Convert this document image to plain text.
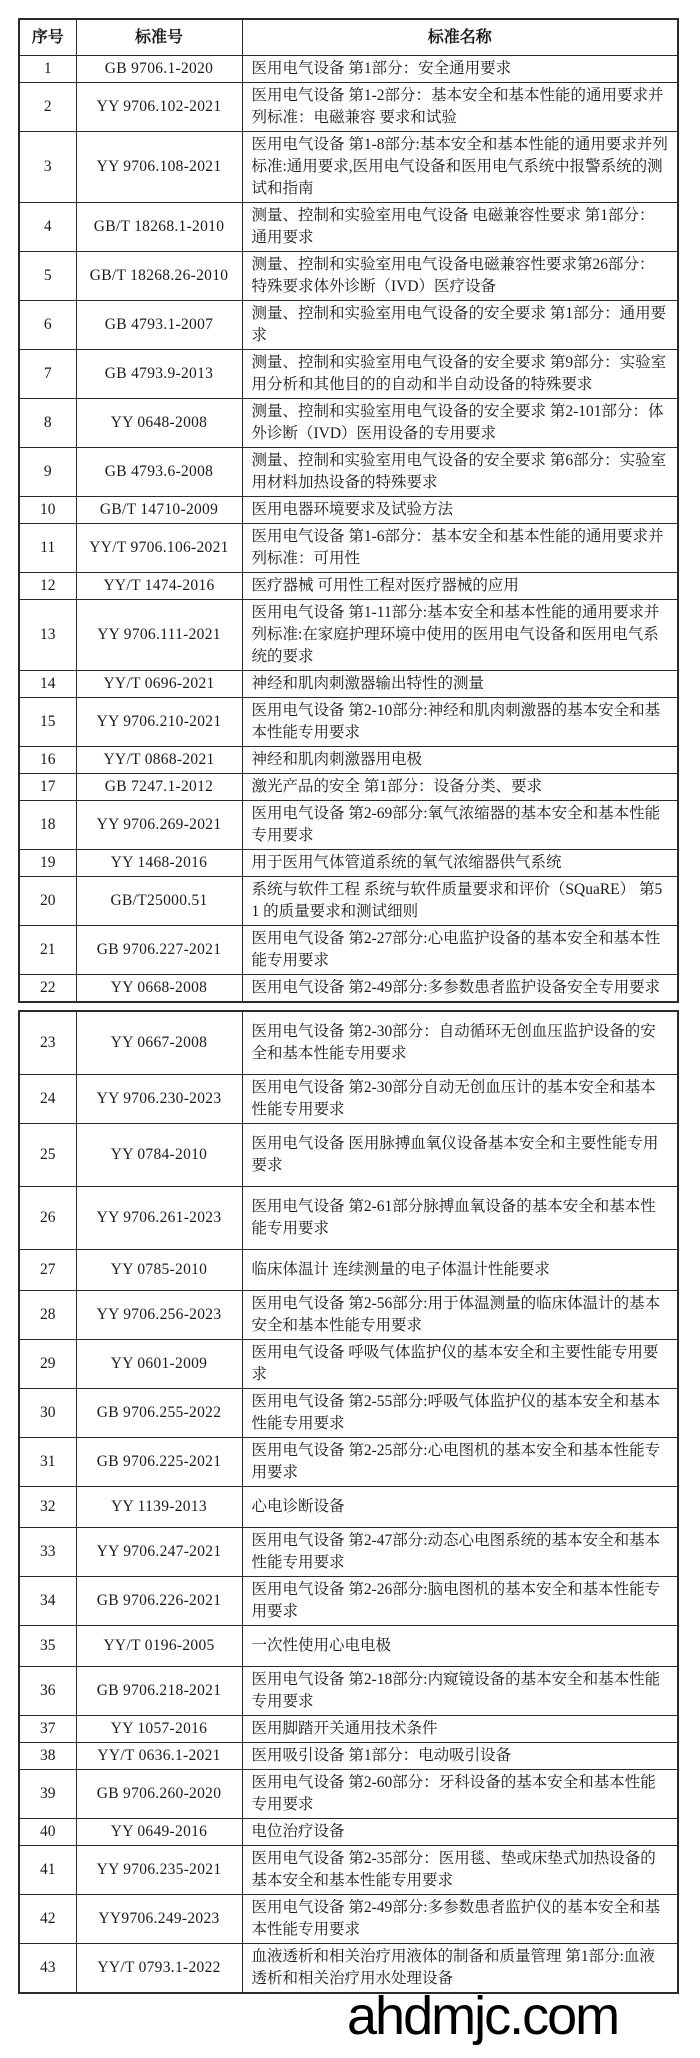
序号	标准号	标准名称
1	GB 9706.1-2020	医用电气设备 第1部分：安全通用要求
2	YY 9706.102-2021	医用电气设备 第1-2部分：基本安全和基本性能的通用要求并列标准：电磁兼容 要求和试验
3	YY 9706.108-2021	医用电气设备 第1-8部分:基本安全和基本性能的通用要求并列标准:通用要求,医用电气设备和医用电气系统中报警系统的测试和指南
4	GB/T 18268.1-2010	测量、控制和实验室用电气设备 电磁兼容性要求 第1部分：通用要求
5	GB/T 18268.26-2010	测量、控制和实验室用电气设备电磁兼容性要求第26部分：特殊要求体外诊断（IVD）医疗设备
6	GB 4793.1-2007	测量、控制和实验室用电气设备的安全要求 第1部分：通用要求
7	GB 4793.9-2013	测量、控制和实验室用电气设备的安全要求 第9部分：实验室用分析和其他目的的自动和半自动设备的特殊要求
8	YY 0648-2008	测量、控制和实验室用电气设备的安全要求 第2-101部分：体外诊断（IVD）医用设备的专用要求
9	GB 4793.6-2008	测量、控制和实验室用电气设备的安全要求 第6部分：实验室用材料加热设备的特殊要求
10	GB/T 14710-2009	医用电器环境要求及试验方法
11	YY/T 9706.106-2021	医用电气设备 第1-6部分：基本安全和基本性能的通用要求并列标准：可用性
12	YY/T 1474-2016	医疗器械 可用性工程对医疗器械的应用
13	YY 9706.111-2021	医用电气设备 第1-11部分:基本安全和基本性能的通用要求并列标准:在家庭护理环境中使用的医用电气设备和医用电气系统的要求
14	YY/T 0696-2021	神经和肌肉刺激器输出特性的测量
15	YY 9706.210-2021	医用电气设备 第2-10部分:神经和肌肉刺激器的基本安全和基本性能专用要求
16	YY/T 0868-2021	神经和肌肉刺激器用电极
17	GB 7247.1-2012	激光产品的安全 第1部分：设备分类、要求
18	YY 9706.269-2021	医用电气设备 第2-69部分:氧气浓缩器的基本安全和基本性能专用要求
19	YY 1468-2016	用于医用气体管道系统的氧气浓缩器供气系统
20	GB/T25000.51	系统与软件工程 系统与软件质量要求和评价（SQuaRE） 第51 的质量要求和测试细则
21	GB 9706.227-2021	医用电气设备 第2-27部分:心电监护设备的基本安全和基本性能专用要求
22	YY 0668-2008	医用电气设备 第2-49部分:多参数患者监护设备安全专用要求
23	YY 0667-2008	医用电气设备 第2-30部分：自动循环无创血压监护设备的安全和基本性能专用要求
24	YY 9706.230-2023	医用电气设备 第2-30部分自动无创血压计的基本安全和基本性能专用要求
25	YY 0784-2010	医用电气设备 医用脉搏血氧仪设备基本安全和主要性能专用要求
26	YY 9706.261-2023	医用电气设备 第2-61部分脉搏血氧设备的基本安全和基本性能专用要求
27	YY 0785-2010	临床体温计 连续测量的电子体温计性能要求
28	YY 9706.256-2023	医用电气设备 第2-56部分:用于体温测量的临床体温计的基本安全和基本性能专用要求
29	YY 0601-2009	医用电气设备 呼吸气体监护仪的基本安全和主要性能专用要求
30	GB 9706.255-2022	医用电气设备 第2-55部分:呼吸气体监护仪的基本安全和基本性能专用要求
31	GB 9706.225-2021	医用电气设备 第2-25部分:心电图机的基本安全和基本性能专用要求
32	YY 1139-2013	心电诊断设备
33	YY 9706.247-2021	医用电气设备 第2-47部分:动态心电图系统的基本安全和基本性能专用要求
34	GB 9706.226-2021	医用电气设备 第2-26部分:脑电图机的基本安全和基本性能专用要求
35	YY/T 0196-2005	一次性使用心电电极
36	GB 9706.218-2021	医用电气设备 第2-18部分:内窥镜设备的基本安全和基本性能专用要求
37	YY 1057-2016	医用脚踏开关通用技术条件
38	YY/T 0636.1-2021	医用吸引设备 第1部分：电动吸引设备
39	GB 9706.260-2020	医用电气设备 第2-60部分：牙科设备的基本安全和基本性能专用要求
40	YY 0649-2016	电位治疗设备
41	YY 9706.235-2021	医用电气设备 第2-35部分：医用毯、垫或床垫式加热设备的基本安全和基本性能专用要求
42	YY9706.249-2023	医用电气设备 第2-49部分:多参数患者监护仪的基本安全和基本性能专用要求
43	YY/T 0793.1-2022	血液透析和相关治疗用液体的制备和质量管理 第1部分:血液透析和相关治疗用水处理设备
ahdmjc.com
